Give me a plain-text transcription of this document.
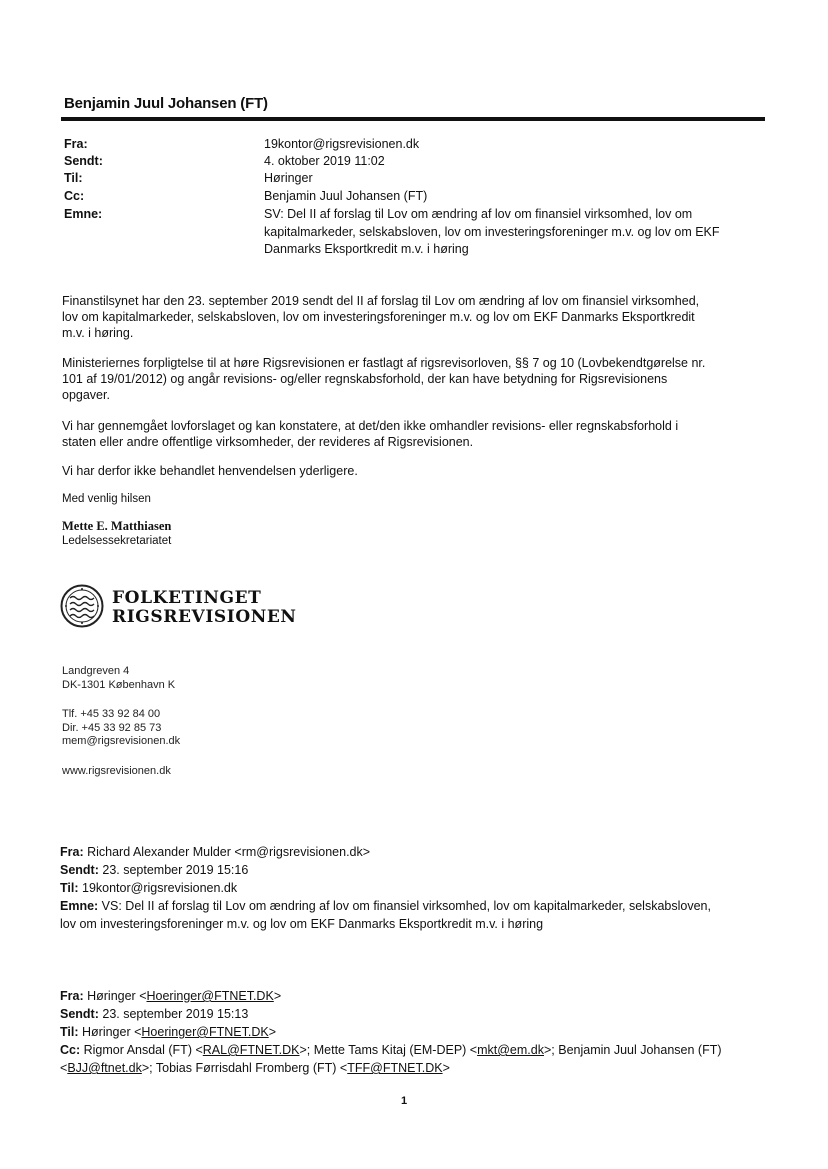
Benjamin Juul Johansen (FT)
Fra:	19kontor@rigsrevisionen.dk
Sendt:	4. oktober 2019 11:02
Til:	Høringer
Cc:	Benjamin Juul Johansen (FT)
Emne:	SV: Del II af forslag til Lov om ændring af lov om finansiel virksomhed, lov om
kapitalmarkeder, selskabsloven, lov om investeringsforeninger m.v. og lov om EKF
Danmarks Eksportkredit m.v. i høring
Finanstilsynet har den 23. september 2019 sendt del II af forslag til Lov om ændring af lov om finansiel virksomhed,
lov om kapitalmarkeder, selskabsloven, lov om investeringsforeninger m.v. og lov om EKF Danmarks Eksportkredit
m.v. i høring.
Ministeriernes forpligtelse til at høre Rigsrevisionen er fastlagt af rigsrevisorloven, §§ 7 og 10 (Lovbekendtgørelse nr.
101 af 19/01/2012) og angår revisions- og/eller regnskabsforhold, der kan have betydning for Rigsrevisionens
opgaver.
Vi har gennemgået lovforslaget og kan konstatere, at det/den ikke omhandler revisions- eller regnskabsforhold i
staten eller andre offentlige virksomheder, der revideres af Rigsrevisionen.
Vi har derfor ikke behandlet henvendelsen yderligere.
Med venlig hilsen
Mette E. Matthiasen
Ledelsessekretariatet
FOLKETINGET
RIGSREVISIONEN
Landgreven 4
DK-1301 København K
Tlf. +45 33 92 84 00
Dir. +45 33 92 85 73
mem@rigsrevisionen.dk
www.rigsrevisionen.dk
Fra: Richard Alexander Mulder <rm@rigsrevisionen.dk>
Sendt: 23. september 2019 15:16
Til: 19kontor@rigsrevisionen.dk
Emne: VS: Del II af forslag til Lov om ændring af lov om finansiel virksomhed, lov om kapitalmarkeder, selskabsloven,
lov om investeringsforeninger m.v. og lov om EKF Danmarks Eksportkredit m.v. i høring
Fra: Høringer <Hoeringer@FTNET.DK>
Sendt: 23. september 2019 15:13
Til: Høringer <Hoeringer@FTNET.DK>
Cc: Rigmor Ansdal (FT) <RAL@FTNET.DK>; Mette Tams Kitaj (EM-DEP) <mkt@em.dk>; Benjamin Juul Johansen (FT)
<BJJ@ftnet.dk>; Tobias Førrisdahl Fromberg (FT) <TFF@FTNET.DK>
1
